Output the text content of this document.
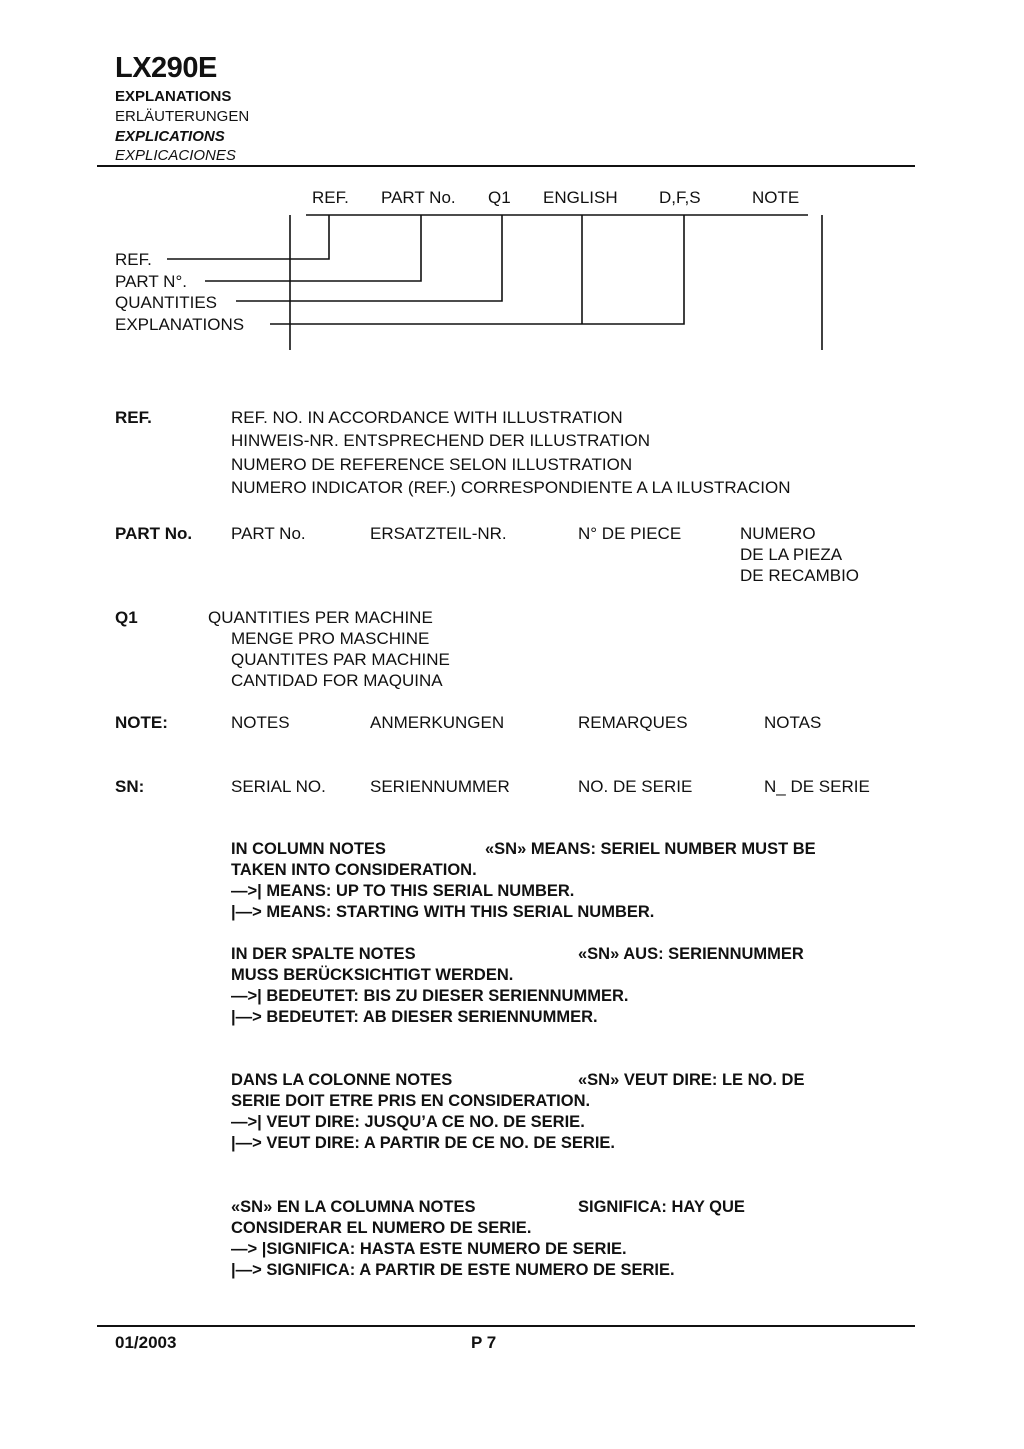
LX290E
EXPLANATIONS
ERLÄUTERUNGEN
EXPLICATIONS
EXPLICACIONES
REF. PART No. Q1 ENGLISH D,F,S	NOTE
REF.
PART N°.
QUANTITIES
EXPLANATIONS
REF.	REF. NO. IN ACCORDANCE WITH ILLUSTRATION
HINWEIS-NR. ENTSPRECHEND DER ILLUSTRATION
NUMERO DE REFERENCE SELON ILLUSTRATION
NUMERO INDICATOR (REF.) CORRESPONDIENTE A LA ILUSTRACION
PART No. PART No.	ERSATZTEIL-NR.	N° DE PIECE	NUMERO
DE LA PIEZA
DE RECAMBIO
Q1	QUANTITIES PER MACHINE
MENGE PRO MASCHINE
QUANTITES PAR MACHINE
CANTIDAD FOR MAQUINA
NOTE:	NOTES	ANMERKUNGEN	REMARQUES	NOTAS
SN:	SERIAL NO.	SERIENNUMMER	NO. DE SERIE	N_ DE SERIE
IN COLUMN NOTES	«SN» MEANS: SERIEL NUMBER MUST BE
TAKEN INTO CONSIDERATION.
—>| MEANS: UP TO THIS SERIAL NUMBER.
|—> MEANS: STARTING WITH THIS SERIAL NUMBER.
IN DER SPALTE NOTES	«SN» AUS: SERIENNUMMER
MUSS BERÜCKSICHTIGT WERDEN.
—>| BEDEUTET: BIS ZU DIESER SERIENNUMMER.
|—> BEDEUTET: AB DIESER SERIENNUMMER.
DANS LA COLONNE NOTES	«SN» VEUT DIRE: LE NO. DE
SERIE DOIT ETRE PRIS EN CONSIDERATION.
—>| VEUT DIRE: JUSQU’A CE NO. DE SERIE.
|—> VEUT DIRE: A PARTIR DE CE NO. DE SERIE.
«SN» EN LA COLUMNA NOTES	SIGNIFICA: HAY QUE
CONSIDERAR EL NUMERO DE SERIE.
—> |SIGNIFICA: HASTA ESTE NUMERO DE SERIE.
|—> SIGNIFICA: A PARTIR DE ESTE NUMERO DE SERIE.
01/2003	P 7
